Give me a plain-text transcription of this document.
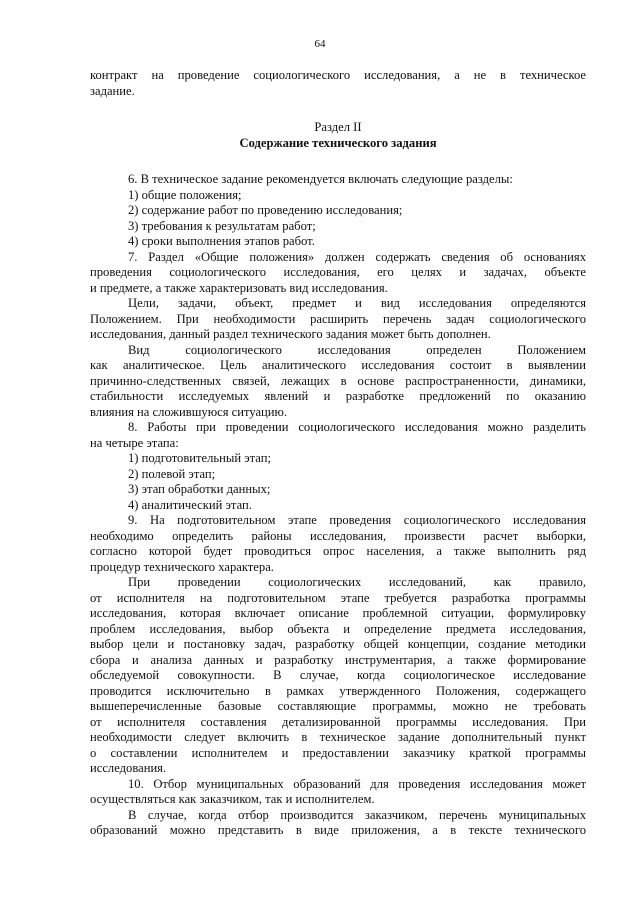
64

контракт на проведение социологического исследования, а не в техническое

задание.

Раздел II

Содержание технического задания

6. В техническое задание рекомендуется включать следующие разделы:

1) общие положения;

2) содержание работ по проведению исследования;

3) требования к результатам работ;

4) сроки выполнения этапов работ.

7. Раздел «Общие положения» должен содержать сведения об основаниях

проведения социологического исследования, его целях и задачах, объекте

и предмете, а также характеризовать вид исследования.

Цели, задачи, объект, предмет и вид исследования определяются

Положением. При необходимости расширить перечень задач социологического

исследования, данный раздел технического задания может быть дополнен.

Вид социологического исследования определен Положением

как аналитическое. Цель аналитического исследования состоит в выявлении

причинно-следственных связей, лежащих в основе распространенности, динамики,

стабильности исследуемых явлений и разработке предложений по оказанию

влияния на сложившуюся ситуацию.

8. Работы при проведении социологического исследования можно разделить

на четыре этапа:

1) подготовительный этап;

2) полевой этап;

3) этап обработки данных;

4) аналитический этап.

9. На подготовительном этапе проведения социологического исследования

необходимо определить районы исследования, произвести расчет выборки,

согласно которой будет проводиться опрос населения, а также выполнить ряд

процедур технического характера.

При проведении социологических исследований, как правило,

от исполнителя на подготовительном этапе требуется разработка программы

исследования, которая включает описание проблемной ситуации, формулировку

проблем исследования, выбор объекта и определение предмета исследования,

выбор цели и постановку задач, разработку общей концепции, создание методики

сбора и анализа данных и разработку инструментария, а также формирование

обследуемой совокупности. В случае, когда социологическое исследование

проводится исключительно в рамках утвержденного Положения, содержащего

вышеперечисленные базовые составляющие программы, можно не требовать

от исполнителя составления детализированной программы исследования. При

необходимости следует включить в техническое задание дополнительный пункт

о составлении исполнителем и предоставлении заказчику краткой программы

исследования.

10. Отбор муниципальных образований для проведения исследования может

осуществляться как заказчиком, так и исполнителем.

В случае, когда отбор производится заказчиком, перечень муниципальных

образований можно представить в виде приложения, а в тексте технического
